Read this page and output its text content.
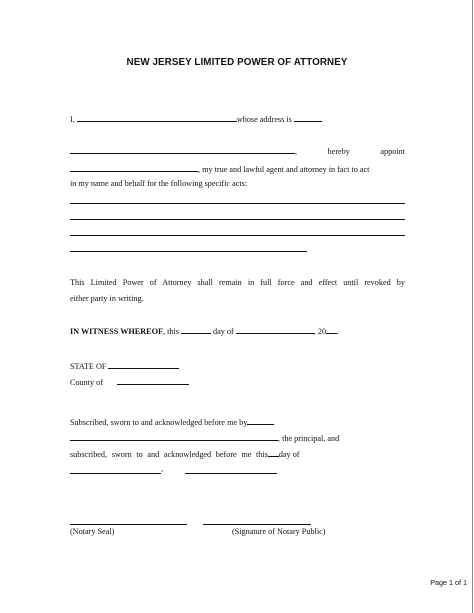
NEW JERSEY LIMITED POWER OF ATTORNEY
I,	whose address is
,	hereby	appoint
, my true and lawful agent and attorney in fact to act
in my name and behalf for the following specific acts:
This Limited Power of Attorney shall remain in full force and effect until revoked by
either party in writing.
IN WITNESS WHEREOF, this	day of	, 20 .
STATE OF
County of
Subscribed, sworn to and acknowledged before me by
, the principal, and
subscribed, sworn to and acknowledged before me this day of
,
(Notary Seal)	(Signature of Notary Public)
Page 1 of 1
